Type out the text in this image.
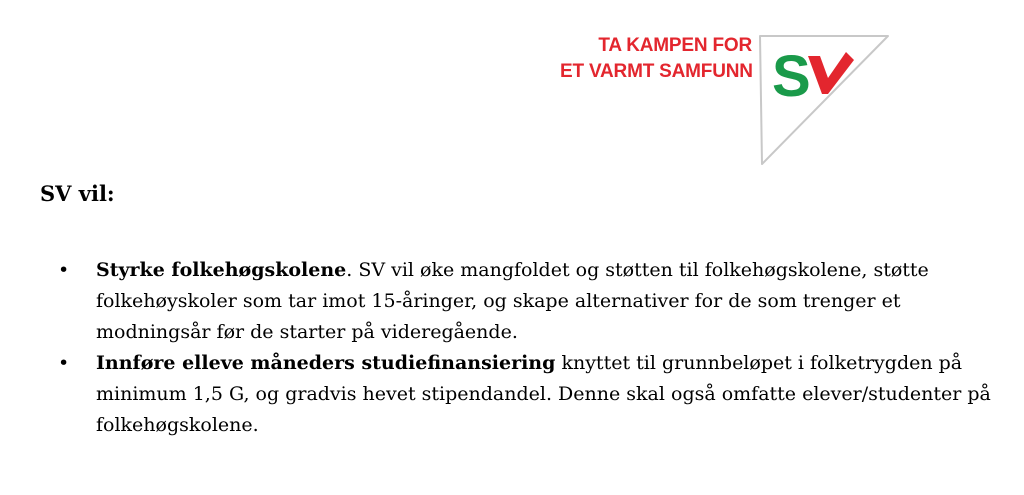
TA KAMPEN FOR
ET VARMT SAMFUNN S
SV vil:
• Styrke folkehøgskolene. SV vil øke mangfoldet og støtten til folkehøgskolene, støtte folkehøyskoler som tar imot 15-åringer, og skape alternativer for de som trenger et modningsår før de starter på videregående.
• Innføre elleve måneders studiefinansiering knyttet til grunnbeløpet i folketrygden på minimum 1,5 G, og gradvis hevet stipendandel. Denne skal også omfatte elever/studenter på folkehøgskolene.
